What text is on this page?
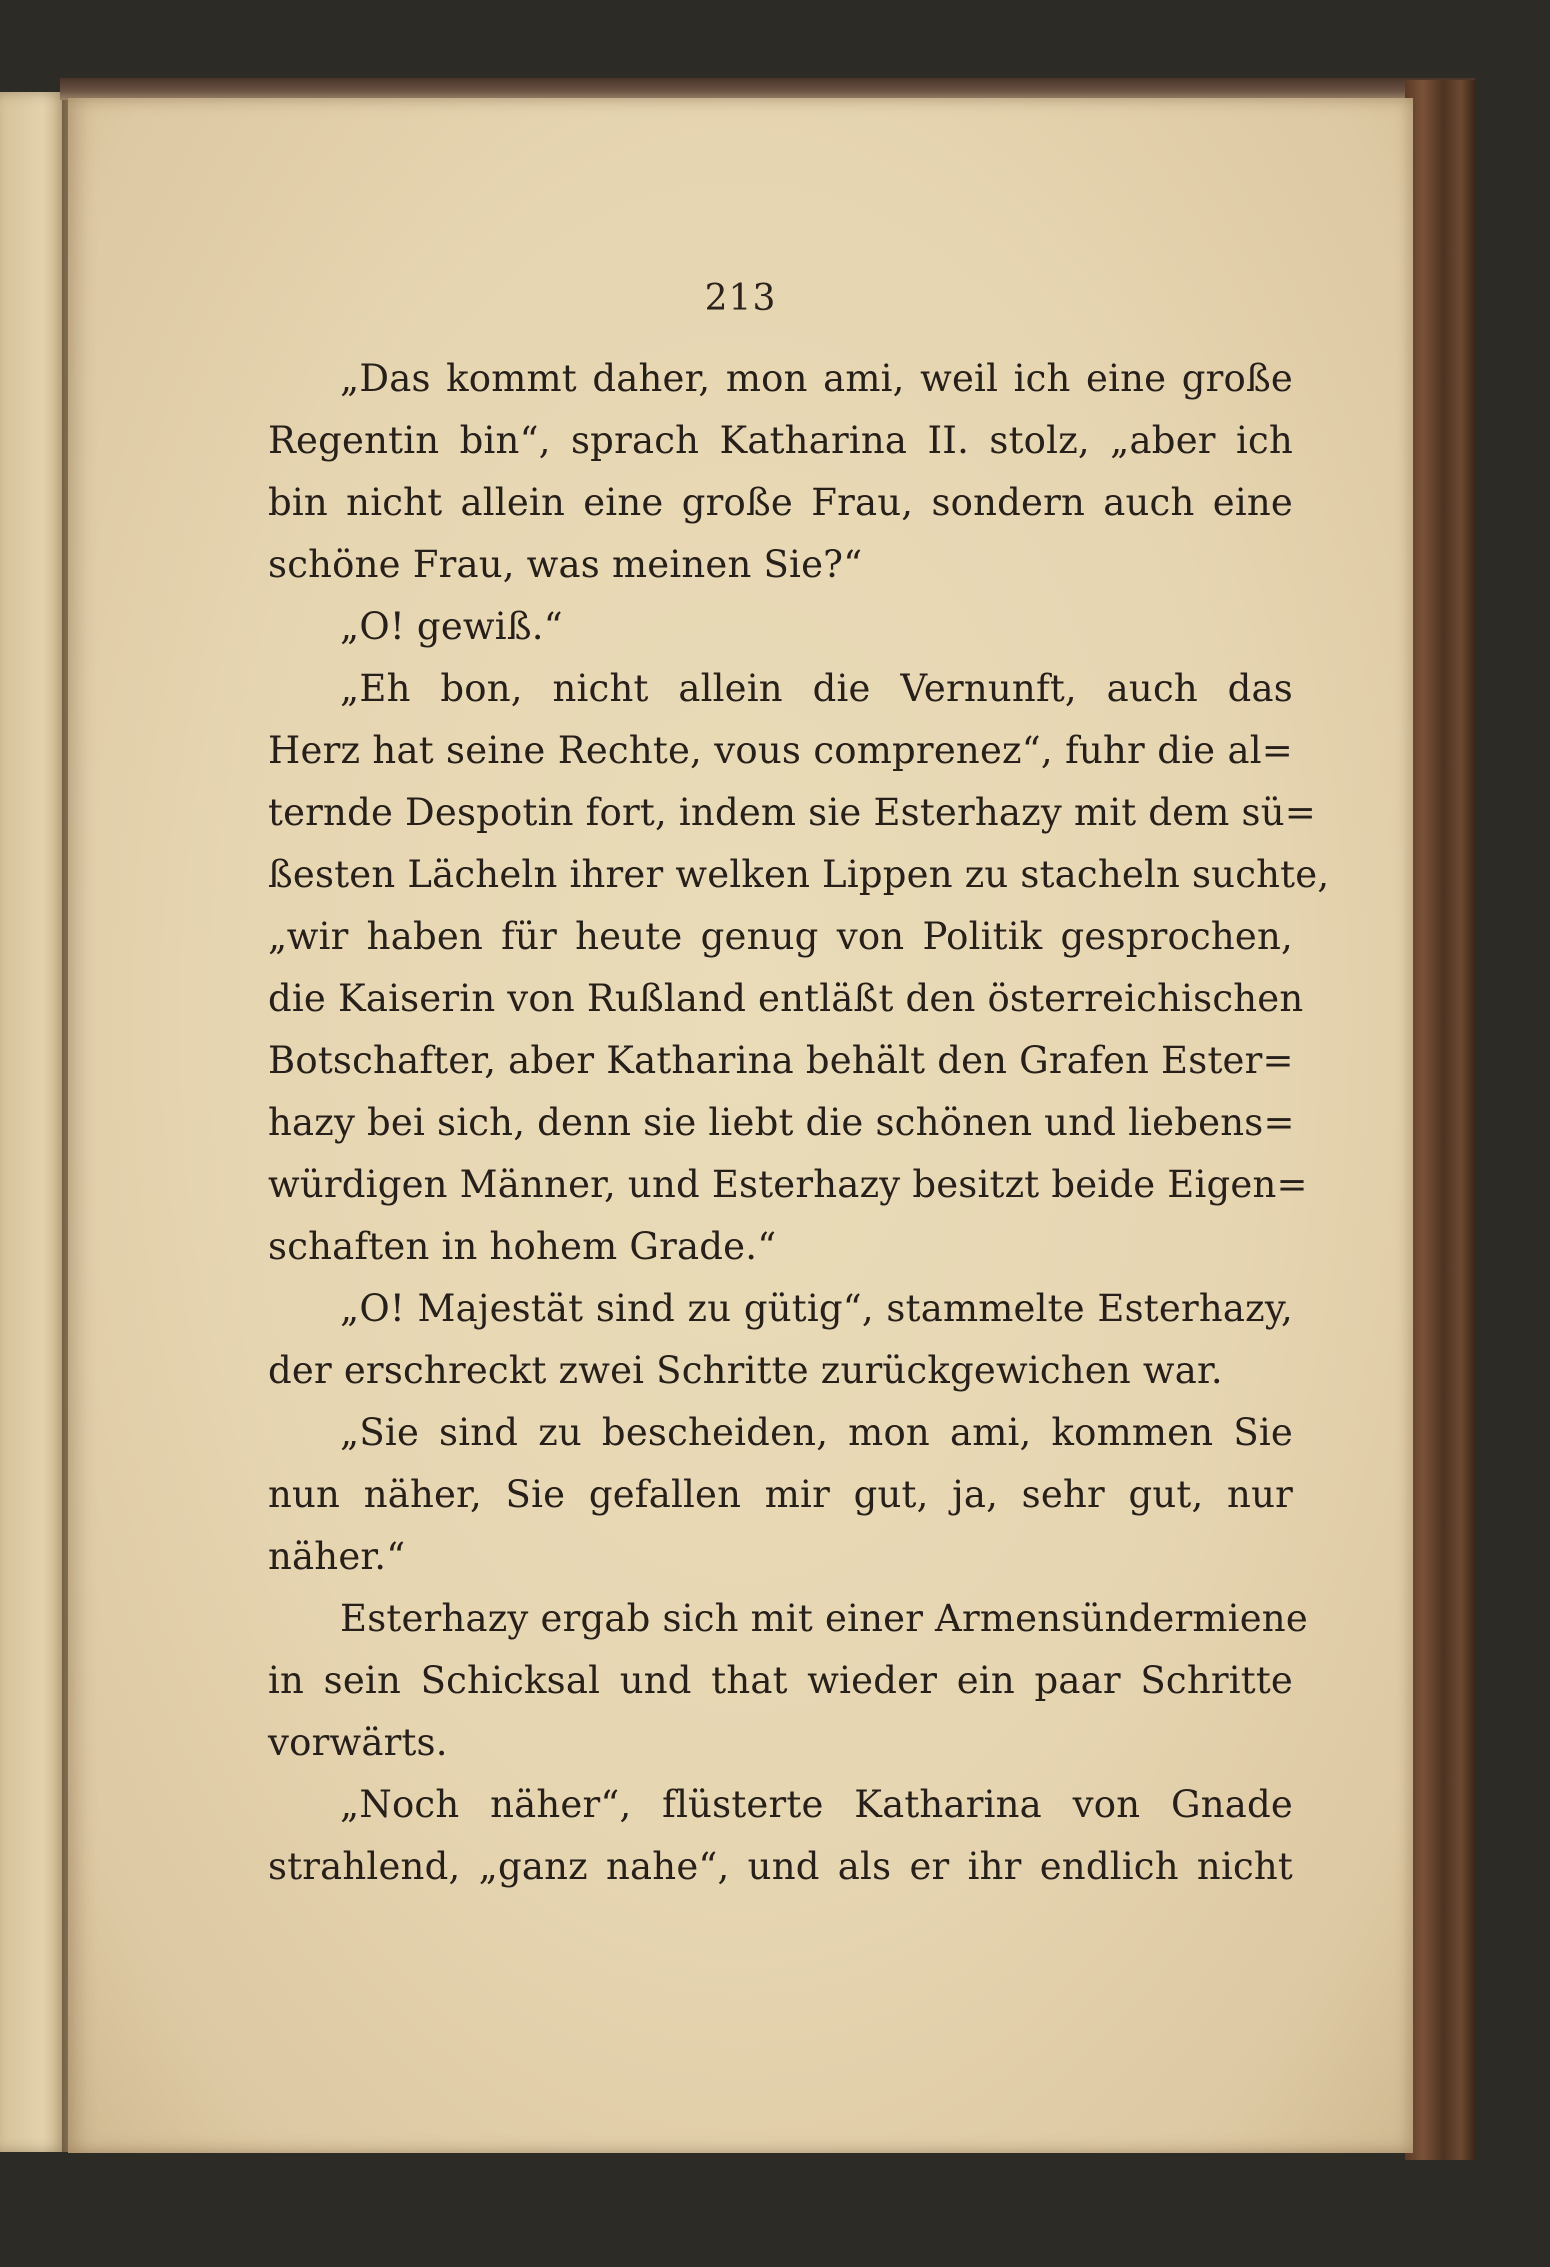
213

„Das kommt daher, mon ami, weil ich eine große
Regentin bin“, sprach Katharina II. stolz, „aber ich
bin nicht allein eine große Frau, sondern auch eine
schöne Frau, was meinen Sie?“
„O! gewiß.“
„Eh bon, nicht allein die Vernunft, auch das
Herz hat seine Rechte, vous comprenez“, fuhr die al=
ternde Despotin fort, indem sie Esterhazy mit dem sü=
ßesten Lächeln ihrer welken Lippen zu stacheln suchte,
„wir haben für heute genug von Politik gesprochen,
die Kaiserin von Rußland entläßt den österreichischen
Botschafter, aber Katharina behält den Grafen Ester=
hazy bei sich, denn sie liebt die schönen und liebens=
würdigen Männer, und Esterhazy besitzt beide Eigen=
schaften in hohem Grade.“
„O! Majestät sind zu gütig“, stammelte Esterhazy,
der erschreckt zwei Schritte zurückgewichen war.
„Sie sind zu bescheiden, mon ami, kommen Sie
nun näher, Sie gefallen mir gut, ja, sehr gut, nur
näher.“
Esterhazy ergab sich mit einer Armensündermiene
in sein Schicksal und that wieder ein paar Schritte
vorwärts.
„Noch näher“, flüsterte Katharina von Gnade
strahlend, „ganz nahe“, und als er ihr endlich nicht
